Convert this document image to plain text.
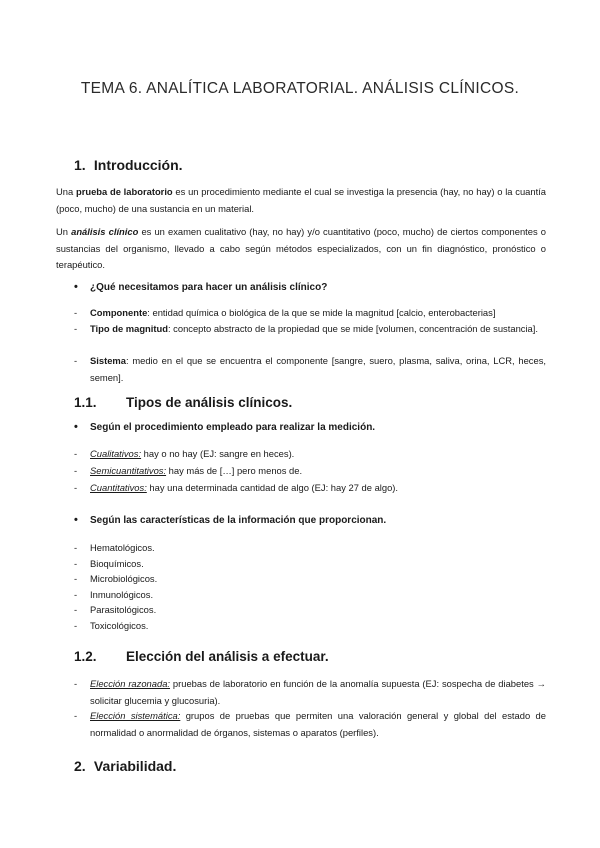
TEMA 6. ANALÍTICA LABORATORIAL. ANÁLISIS CLÍNICOS.
1. Introducción.
Una prueba de laboratorio es un procedimiento mediante el cual se investiga la presencia (hay, no hay) o la cuantía (poco, mucho) de una sustancia en un material.
Un análisis clínico es un examen cualitativo (hay, no hay) y/o cuantitativo (poco, mucho) de ciertos componentes o sustancias del organismo, llevado a cabo según métodos especializados, con un fin diagnóstico, pronóstico o terapéutico.
• ¿Qué necesitamos para hacer un análisis clínico?
- Componente: entidad química o biológica de la que se mide la magnitud [calcio, enterobacterias]
- Tipo de magnitud: concepto abstracto de la propiedad que se mide [volumen, concentración de sustancia].
- Sistema: medio en el que se encuentra el componente [sangre, suero, plasma, saliva, orina, LCR, heces, semen].
1.1. Tipos de análisis clínicos.
• Según el procedimiento empleado para realizar la medición.
- Cualitativos: hay o no hay (EJ: sangre en heces).
- Semicuantitativos: hay más de […] pero menos de.
- Cuantitativos: hay una determinada cantidad de algo (EJ: hay 27 de algo).
• Según las características de la información que proporcionan.
- Hematológicos.
- Bioquímicos.
- Microbiológicos.
- Inmunológicos.
- Parasitológicos.
- Toxicológicos.
1.2. Elección del análisis a efectuar.
- Elección razonada: pruebas de laboratorio en función de la anomalía supuesta (EJ: sospecha de diabetes → solicitar glucemia y glucosuria).
- Elección sistemática: grupos de pruebas que permiten una valoración general y global del estado de normalidad o anormalidad de órganos, sistemas o aparatos (perfiles).
2. Variabilidad.
